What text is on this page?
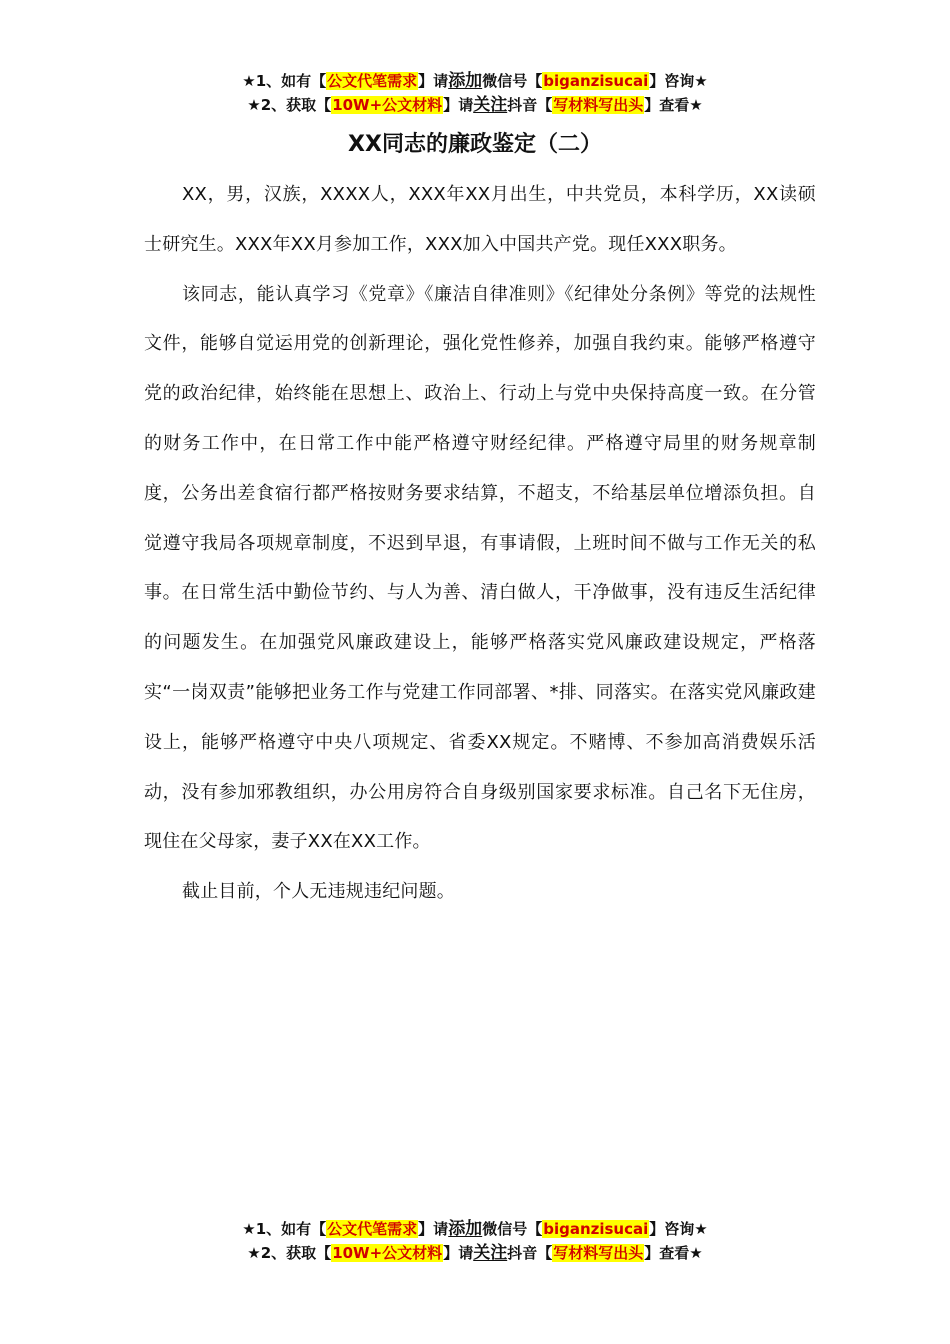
★1、如有【公文代笔需求】请添加微信号【biganzisucai】咨询★
★2、获取【10W+公文材料】请关注抖音【写材料写出头】查看★
XX同志的廉政鉴定（二）

XX，男，汉族，XXXX人，XXX年XX月出生，中共党员，本科学历，XX读硕士研究生。XXX年XX月参加工作，XXX加入中国共产党。现任XXX职务。

该同志，能认真学习《党章》《廉洁自律准则》《纪律处分条例》等党的法规性文件，能够自觉运用党的创新理论，强化党性修养，加强自我约束。能够严格遵守党的政治纪律，始终能在思想上、政治上、行动上与党中央保持高度一致。在分管的财务工作中，在日常工作中能严格遵守财经纪律。严格遵守局里的财务规章制度，公务出差食宿行都严格按财务要求结算，不超支，不给基层单位增添负担。自觉遵守我局各项规章制度，不迟到早退，有事请假，上班时间不做与工作无关的私事。在日常生活中勤俭节约、与人为善、清白做人，干净做事，没有违反生活纪律的问题发生。在加强党风廉政建设上，能够严格落实党风廉政建设规定，严格落实“一岗双责”能够把业务工作与党建工作同部署、*排、同落实。在落实党风廉政建设上，能够严格遵守中央八项规定、省委XX规定。不赌博、不参加高消费娱乐活动，没有参加邪教组织，办公用房符合自身级别国家要求标准。自己名下无住房，现住在父母家，妻子XX在XX工作。

截止目前，个人无违规违纪问题。

★1、如有【公文代笔需求】请添加微信号【biganzisucai】咨询★
★2、获取【10W+公文材料】请关注抖音【写材料写出头】查看★
